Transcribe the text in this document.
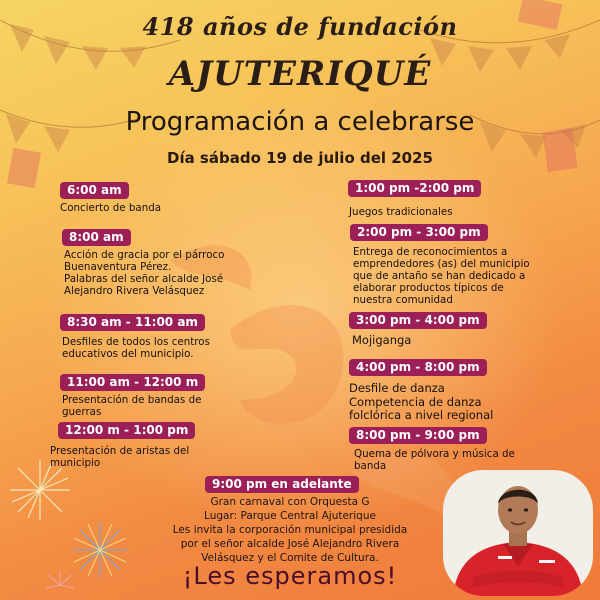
418 años de fundación
AJUTERIQUÉ
Programación a celebrarse
Día sábado 19 de julio del 2025
6:00 am
Concierto de banda
8:00 am
Acción de gracia por el párroco
Buenaventura Pérez.
Palabras del señor alcalde José
Alejandro Rivera Velásquez
8:30 am - 11:00 am
Desfiles de todos los centros
educativos del municipio.
11:00 am - 12:00 m
Presentación de bandas de
guerras
12:00 m - 1:00 pm
Presentación de aristas del
municipio
1:00 pm -2:00 pm
Juegos tradicionales
2:00 pm - 3:00 pm
Entrega de reconocimientos a
emprendedores (as) del municipio
que de antaño se han dedicado a
elaborar productos típicos de
nuestra comunidad
3:00 pm - 4:00 pm
Mojiganga
4:00 pm - 8:00 pm
Desfile de danza
Competencia de danza
folclórica a nivel regional
8:00 pm - 9:00 pm
Quema de pólvora y música de
banda
9:00 pm en adelante
Gran carnaval con Orquesta G
Lugar: Parque Central Ajuterique
Les invita la corporación municipal presidida
por el señor alcalde José Alejandro Rivera
Velásquez y el Comite de Cultura.
¡Les esperamos!
